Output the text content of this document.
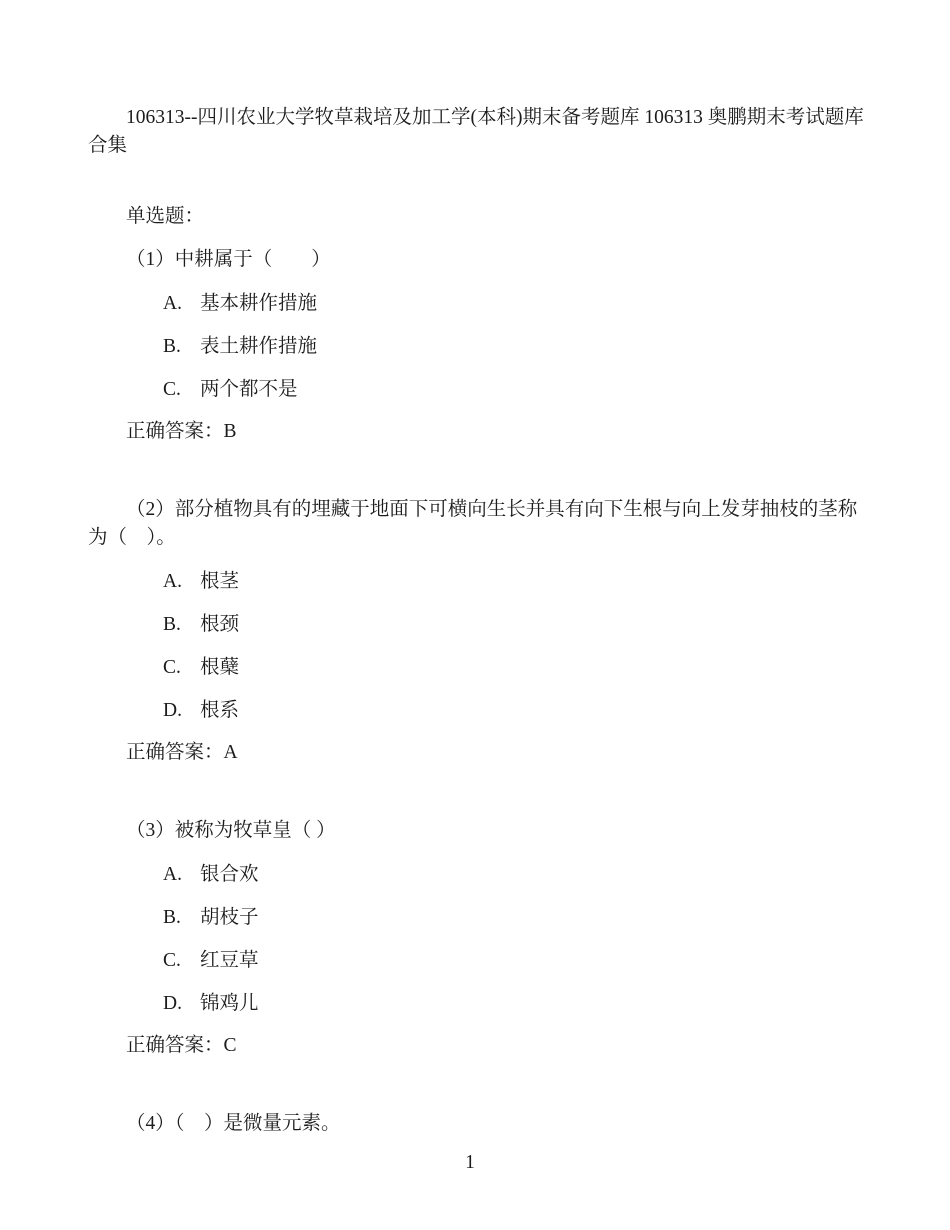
106313--四川农业大学牧草栽培及加工学(本科)期末备考题库 106313 奥鹏期末考试题库合集

单选题：

（1）中耕属于（　　）

A. 基本耕作措施

B. 表土耕作措施

C. 两个都不是

正确答案：B

（2）部分植物具有的埋藏于地面下可横向生长并具有向下生根与向上发芽抽枝的茎称为（　）。

A. 根茎

B. 根颈

C. 根蘖

D. 根系

正确答案：A

（3）被称为牧草皇（ ）

A. 银合欢

B. 胡枝子

C. 红豆草

D. 锦鸡儿

正确答案：C

（4）（　）是微量元素。

1
